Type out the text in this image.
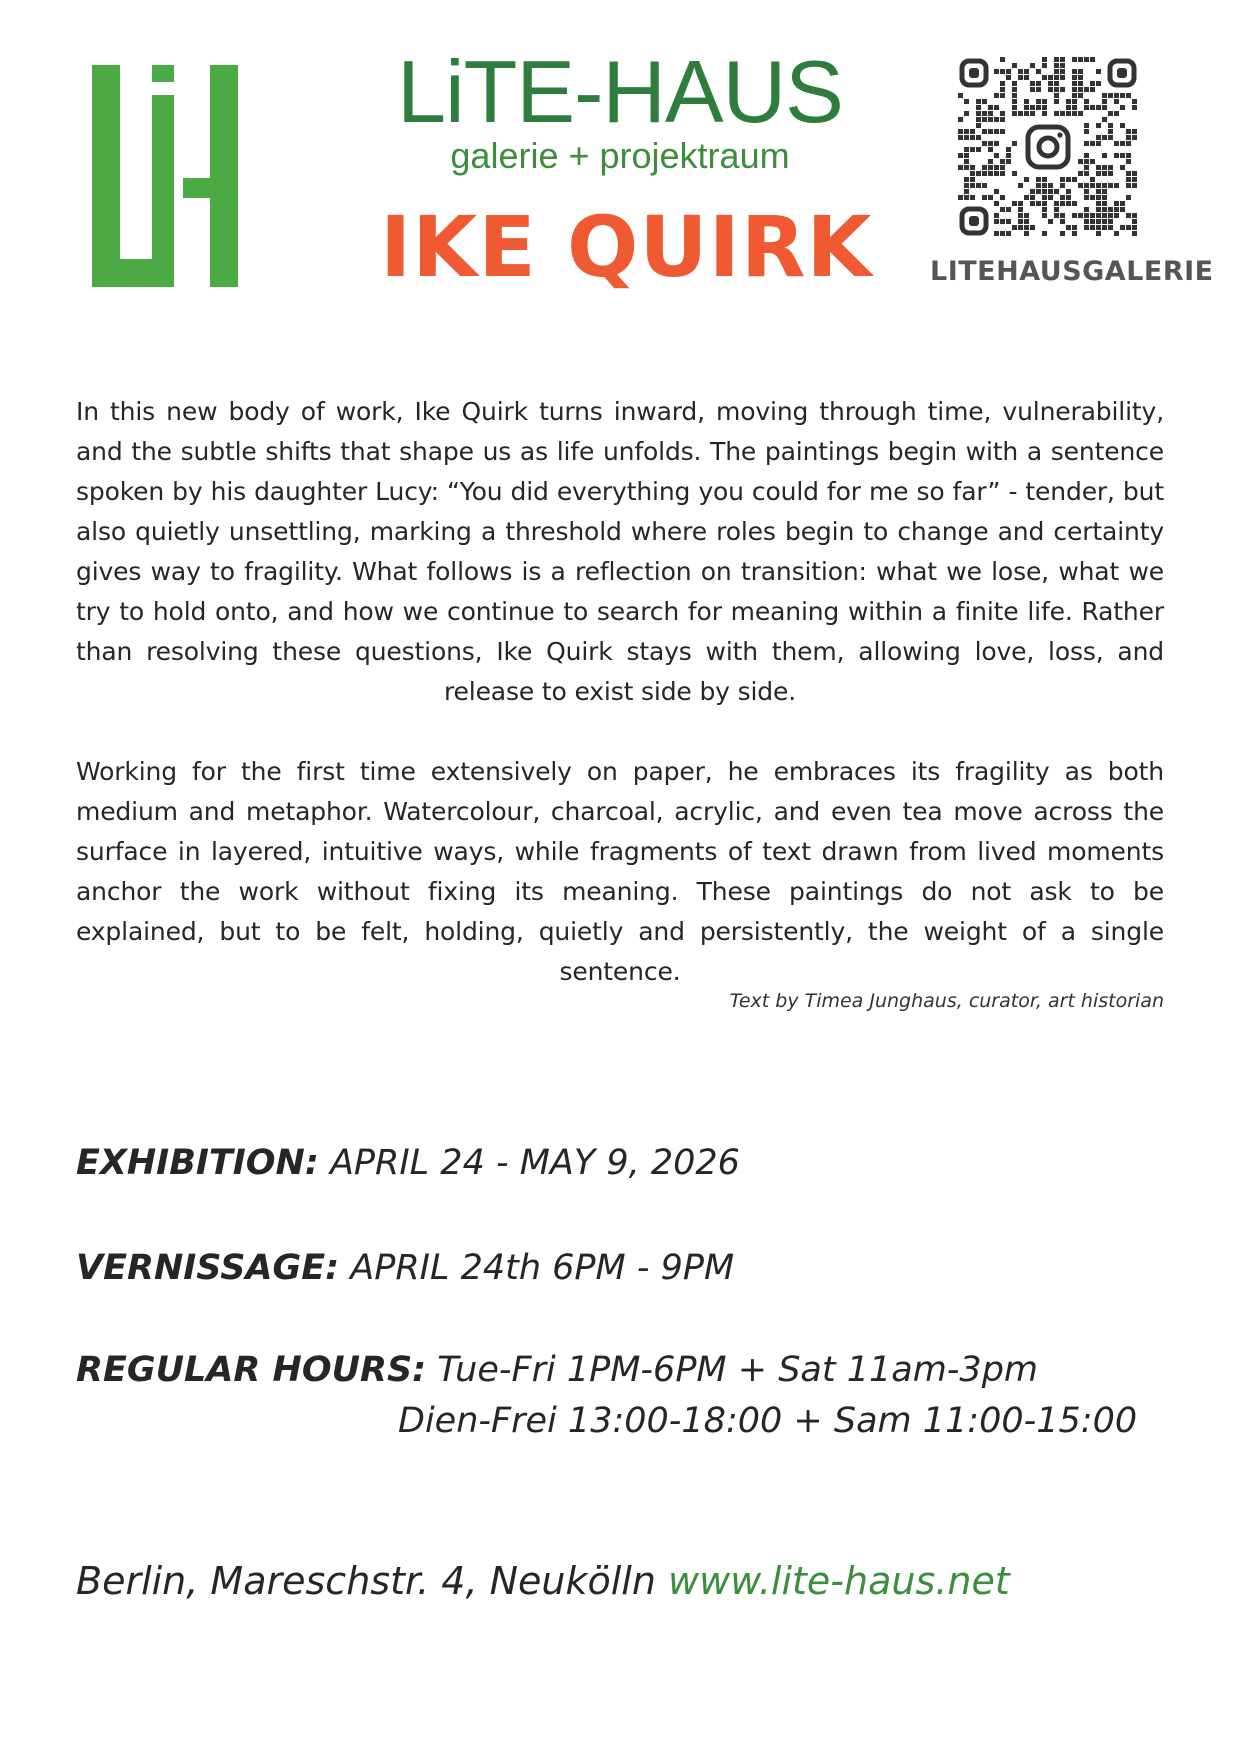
LiTE-HAUS
galerie + projektraum
IKE QUIRK LITEHAUSGALERIE
In this new body of work, Ike Quirk turns inward, moving through time, vulnerability, and the subtle shifts that shape us as life unfolds. The paintings begin with a sentence spoken by his daughter Lucy: “You did everything you could for me so far” - tender, but also quietly unsettling, marking a threshold where roles begin to change and certainty gives way to fragility. What follows is a reflection on transition: what we lose, what we try to hold onto, and how we continue to search for meaning within a finite life. Rather than resolving these questions, Ike Quirk stays with them, allowing love, loss, and release to exist side by side.
Working for the first time extensively on paper, he embraces its fragility as both medium and metaphor. Watercolour, charcoal, acrylic, and even tea move across the surface in layered, intuitive ways, while fragments of text drawn from lived moments anchor the work without fixing its meaning. These paintings do not ask to be explained, but to be felt, holding, quietly and persistently, the weight of a single sentence.
Text by Timea Junghaus, curator, art historian
EXHIBITION: APRIL 24 - MAY 9, 2026
VERNISSAGE: APRIL 24th 6PM - 9PM
REGULAR HOURS: Tue-Fri 1PM-6PM + Sat 11am-3pm
Dien-Frei 13:00-18:00 + Sam 11:00-15:00
Berlin, Mareschstr. 4, Neukölln www.lite-haus.net
